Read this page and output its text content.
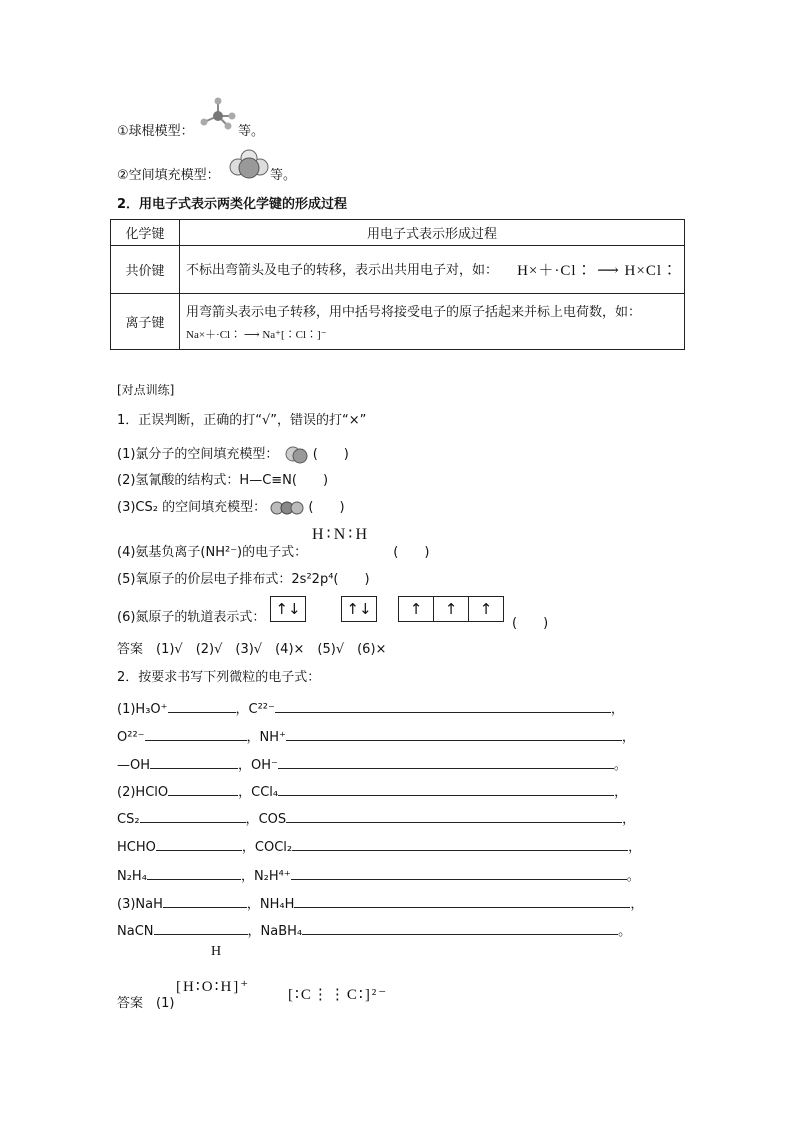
①球棍模型：	等。
②空间填充模型：	等。
2．用电子式表示两类化学键的形成过程
化学键	用电子式表示形成过程
共价键	不标出弯箭头及电子的转移，表示出共用电子对，如： H×＋·Cl∶ ⟶ H×Cl∶

离子键	用弯箭头表示电子转移，用中括号将接受电子的原子括起来并标上电荷数，如：
Na×＋·Cl∶ ⟶ Na⁺[∶Cl∶]⁻
[对点训练]
1．正误判断，正确的打“√”，错误的打“×”
(1)氯分子的空间填充模型：	(　　)
(2)氢氰酸的结构式：H—C≡N(　　)
(3)CS₂ 的空间填充模型：	(　　)
H∶N∶H
(4)氨基负离子(NH²⁻)的电子式：	(　　)
(5)氧原子的价层电子排布式：2s²2p⁴(　　)
(6)氮原子的轨道表示式： ↑↓	↑↓	↑ ↑ ↑
(　　)
答案　(1)√　(2)√　(3)√　(4)×　(5)√　(6)×
2．按要求书写下列微粒的电子式：
(1)H₃O⁺	，C²²⁻	，
O²²⁻	，NH⁺	，
—OH	，OH⁻	。
(2)HClO	，CCl₄	，
CS₂	，COS	，
HCHO	，COCl₂	，
N₂H₄	，N₂H⁴⁺	。
(3)NaH	，NH₄H	，
NaCN	，NaBH₄	。
H
答案　(1)
[H∶O∶H]⁺	[∶C⋮⋮C∶]²⁻
